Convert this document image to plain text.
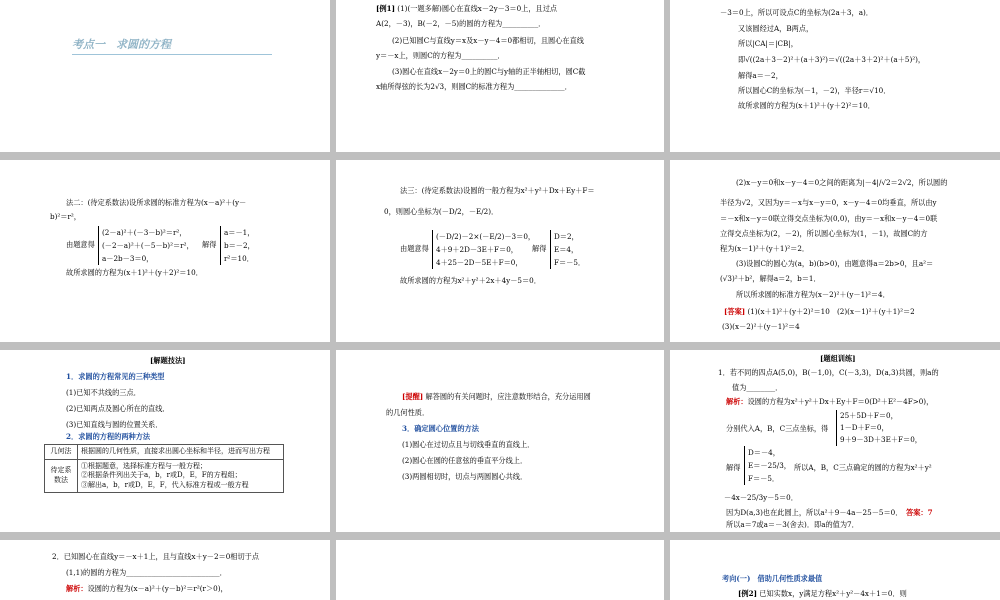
考点一　求圆的方程
[例1] (1)(一题多解)圆心在直线x－2y－3＝0上，且过点
A(2，－3)，B(－2，－5)的圆的方程为__________．
(2)已知圆C与直线y＝x及x－y－4＝0都相切，且圆心在直线
y＝－x上，则圆C的方程为__________．
(3)圆心在直线x－2y＝0上的圆C与y轴的正半轴相切，圆C截
x轴所得弦的长为2√3，则圆C的标准方程为______________．
－3＝0上，所以可设点C的坐标为(2a＋3，a)．
又该圆经过A，B两点，
所以|CA|＝|CB|，
即√((2a＋3－2)²＋(a＋3)²)＝√((2a＋3＋2)²＋(a＋5)²)，
解得a＝－2，
所以圆心C的坐标为(－1，－2)，半径r＝√10．
故所求圆的方程为(x＋1)²＋(y＋2)²＝10．
法二：(待定系数法)设所求圆的标准方程为(x－a)²＋(y－
b)²＝r²，
由题意得
(2－a)²＋(－3－b)²＝r²，
(－2－a)²＋(－5－b)²＝r²，
a－2b－3＝0，
解得
a＝－1，
b＝－2，
r²＝10．
故所求圆的方程为(x＋1)²＋(y＋2)²＝10．
法三：(待定系数法)设圆的一般方程为x²＋y²＋Dx＋Ey＋F＝
0，则圆心坐标为(－D/2，－E/2)．
由题意得
(－D/2)－2×(－E/2)－3＝0，
4＋9＋2D－3E＋F＝0，
4＋25－2D－5E＋F＝0，
解得
D＝2，
E＝4，
F＝－5．
故所求圆的方程为x²＋y²＋2x＋4y－5＝0．
(2)x－y＝0和x－y－4＝0之间的距离为|－4|/√2＝2√2，所以圆的
半径为√2，又因为y＝－x与x－y＝0，x－y－4＝0均垂直，所以由y
＝－x和x－y＝0联立得交点坐标为(0,0)，由y＝－x和x－y－4＝0联
立得交点坐标为(2，－2)，所以圆心坐标为(1，－1)，故圆C的方
程为(x－1)²＋(y＋1)²＝2．
(3)设圆C的圆心为(a，b)(b>0)，由题意得a＝2b>0，且a²＝
(√3)²＋b²，解得a＝2，b＝1．
所以所求圆的标准方程为(x－2)²＋(y－1)²＝4．
[答案] (1)(x＋1)²＋(y＋2)²＝10　(2)(x－1)²＋(y＋1)²＝2
(3)(x－2)²＋(y－1)²＝4
[解题技法]
1．求圆的方程常见的三种类型
(1)已知不共线的三点．
(2)已知两点及圆心所在的直线．
(3)已知直线与圆的位置关系．
2．求圆的方程的两种方法
几何法	根据圆的几何性质，直接求出圆心坐标和半径，进而写出方程
待定系数法	①根据题意，选择标准方程与一般方程；
②根据条件列出关于a，b，r或D，E，F的方程组；
③解出a，b，r或D，E，F，代入标准方程或一般方程
[提醒] 解答圆的有关问题时，应注意数形结合，充分运用圆
的几何性质．
3．确定圆心位置的方法
(1)圆心在过切点且与切线垂直的直线上．
(2)圆心在圆的任意弦的垂直平分线上．
(3)两圆相切时，切点与两圆圆心共线．
[题组训练]
1．若不同的四点A(5,0)，B(－1,0)，C(－3,3)，D(a,3)共圆，则a的
值为________．
解析：设圆的方程为x²＋y²＋Dx＋Ey＋F＝0(D²＋E²－4F>0)，
分别代入A，B，C三点坐标，得
25＋5D＋F＝0，
1－D＋F＝0，
9＋9－3D＋3E＋F＝0，
解得
D＝－4，
E＝－25/3，
F＝－5．
所以A，B，C三点确定的圆的方程为x²＋y²
－4x－25/3y－5＝0．
因为D(a,3)也在此圆上，所以a²＋9－4a－25－5＝0．　 答案：7
所以a＝7或a＝－3(舍去)．即a的值为7．
2．已知圆心在直线y＝－x＋1上，且与直线x＋y－2＝0相切于点
(1,1)的圆的方程为__________________________．
解析：设圆的方程为(x－a)²＋(y－b)²＝r²(r＞0)，
考向(一)　借助几何性质求最值
[例2] 已知实数x，y满足方程x²＋y²－4x＋1＝0．则
